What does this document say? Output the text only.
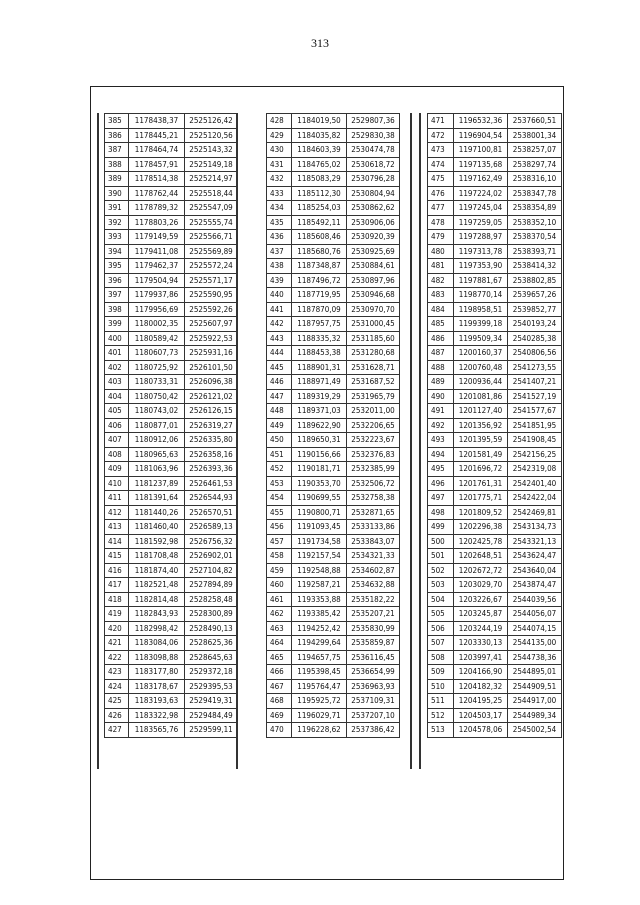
313
385	1178438,37	2525126,42
386	1178445,21	2525120,56
387	1178464,74	2525143,32
388	1178457,91	2525149,18
389	1178514,38	2525214,97
390	1178762,44	2525518,44
391	1178789,32	2525547,09
392	1178803,26	2525555,74
393	1179149,59	2525566,71
394	1179411,08	2525569,89
395	1179462,37	2525572,24
396	1179504,94	2525571,17
397	1179937,86	2525590,95
398	1179956,69	2525592,26
399	1180002,35	2525607,97
400	1180589,42	2525922,53
401	1180607,73	2525931,16
402	1180725,92	2526101,50
403	1180733,31	2526096,38
404	1180750,42	2526121,02
405	1180743,02	2526126,15
406	1180877,01	2526319,27
407	1180912,06	2526335,80
408	1180965,63	2526358,16
409	1181063,96	2526393,36
410	1181237,89	2526461,53
411	1181391,64	2526544,93
412	1181440,26	2526570,51
413	1181460,40	2526589,13
414	1181592,98	2526756,32
415	1181708,48	2526902,01
416	1181874,40	2527104,82
417	1182521,48	2527894,89
418	1182814,48	2528258,48
419	1182843,93	2528300,89
420	1182998,42	2528490,13
421	1183084,06	2528625,36
422	1183098,88	2528645,63
423	1183177,80	2529372,18
424	1183178,67	2529395,53
425	1183193,63	2529419,31
426	1183322,98	2529484,49
427	1183565,76	2529599,11
428	1184019,50	2529807,36
429	1184035,82	2529830,38
430	1184603,39	2530474,78
431	1184765,02	2530618,72
432	1185083,29	2530796,28
433	1185112,30	2530804,94
434	1185254,03	2530862,62
435	1185492,11	2530906,06
436	1185608,46	2530920,39
437	1185680,76	2530925,69
438	1187348,87	2530884,61
439	1187496,72	2530897,96
440	1187719,95	2530946,68
441	1187870,09	2530970,70
442	1187957,75	2531000,45
443	1188335,32	2531185,60
444	1188453,38	2531280,68
445	1188901,31	2531628,71
446	1188971,49	2531687,52
447	1189319,29	2531965,79
448	1189371,03	2532011,00
449	1189622,90	2532206,65
450	1189650,31	2532223,67
451	1190156,66	2532376,83
452	1190181,71	2532385,99
453	1190353,70	2532506,72
454	1190699,55	2532758,38
455	1190800,71	2532871,65
456	1191093,45	2533133,86
457	1191734,58	2533843,07
458	1192157,54	2534321,33
459	1192548,88	2534602,87
460	1192587,21	2534632,88
461	1193353,88	2535182,22
462	1193385,42	2535207,21
463	1194252,42	2535830,99
464	1194299,64	2535859,87
465	1194657,75	2536116,45
466	1195398,45	2536654,99
467	1195764,47	2536963,93
468	1195925,72	2537109,31
469	1196029,71	2537207,10
470	1196228,62	2537386,42
471	1196532,36	2537660,51
472	1196904,54	2538001,34
473	1197100,81	2538257,07
474	1197135,68	2538297,74
475	1197162,49	2538316,10
476	1197224,02	2538347,78
477	1197245,04	2538354,89
478	1197259,05	2538352,10
479	1197288,97	2538370,54
480	1197313,78	2538393,71
481	1197353,90	2538414,32
482	1197881,67	2538802,85
483	1198770,14	2539657,26
484	1198958,51	2539852,77
485	1199399,18	2540193,24
486	1199509,34	2540285,38
487	1200160,37	2540806,56
488	1200760,48	2541273,55
489	1200936,44	2541407,21
490	1201081,86	2541527,19
491	1201127,40	2541577,67
492	1201356,92	2541851,95
493	1201395,59	2541908,45
494	1201581,49	2542156,25
495	1201696,72	2542319,08
496	1201761,31	2542401,40
497	1201775,71	2542422,04
498	1201809,52	2542469,81
499	1202296,38	2543134,73
500	1202425,78	2543321,13
501	1202648,51	2543624,47
502	1202672,72	2543640,04
503	1203029,70	2543874,47
504	1203226,67	2544039,56
505	1203245,87	2544056,07
506	1203244,19	2544074,15
507	1203330,13	2544135,00
508	1203997,41	2544738,36
509	1204166,90	2544895,01
510	1204182,32	2544909,51
511	1204195,25	2544917,00
512	1204503,17	2544989,34
513	1204578,06	2545002,54
